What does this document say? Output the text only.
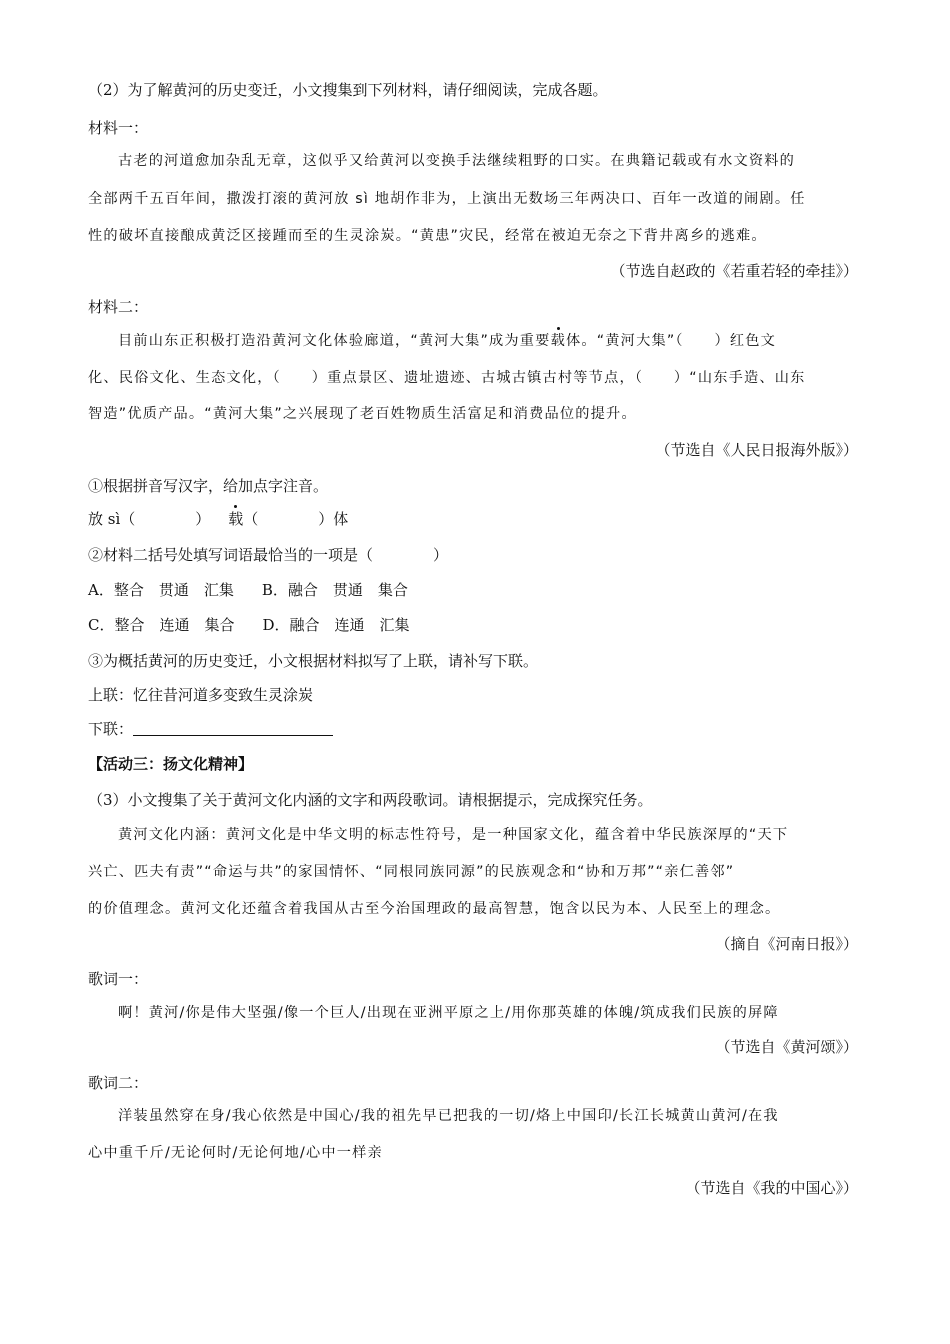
（2）为了解黄河的历史变迁，小文搜集到下列材料，请仔细阅读，完成各题。
材料一：
古老的河道愈加杂乱无章，这似乎又给黄河以变换手法继续粗野的口实。在典籍记载或有水文资料的
全部两千五百年间，撒泼打滚的黄河放 sì 地胡作非为，上演出无数场三年两决口、百年一改道的闹剧。任
性的破坏直接酿成黄泛区接踵而至的生灵涂炭。“黄患”灾民，经常在被迫无奈之下背井离乡的逃难。
（节选自赵政的《若重若轻的牵挂》）
材料二：
目前山东正积极打造沿黄河文化体验廊道，“黄河大集”成为重要载体。“黄河大集”（　　）红色文
化、民俗文化、生态文化，（　　）重点景区、遗址遗迹、古城古镇古村等节点，（　　）“山东手造、山东
智造”优质产品。“黄河大集”之兴展现了老百姓物质生活富足和消费品位的提升。
（节选自《人民日报海外版》）
①根据拼音写汉字，给加点字注音。
放 sì（　　　　） 载（　　　　）体
②材料二括号处填写词语最恰当的一项是（　　　　）
A．整合　贯通　汇集 B．融合　贯通　集合
C．整合　连通　集合 D．融合　连通　汇集
③为概括黄河的历史变迁，小文根据材料拟写了上联，请补写下联。
上联：忆往昔河道多变致生灵涂炭
下联：
【活动三：扬文化精神】
（3）小文搜集了关于黄河文化内涵的文字和两段歌词。请根据提示，完成探究任务。
黄河文化内涵：黄河文化是中华文明的标志性符号，是一种国家文化，蕴含着中华民族深厚的“天下
兴亡、匹夫有责”“命运与共”的家国情怀、“同根同族同源”的民族观念和“协和万邦”“亲仁善邻”
的价值理念。黄河文化还蕴含着我国从古至今治国理政的最高智慧，饱含以民为本、人民至上的理念。
（摘自《河南日报》）
歌词一：
啊！黄河/你是伟大坚强/像一个巨人/出现在亚洲平原之上/用你那英雄的体魄/筑成我们民族的屏障
（节选自《黄河颂》）
歌词二：
洋装虽然穿在身/我心依然是中国心/我的祖先早已把我的一切/烙上中国印/长江长城黄山黄河/在我
心中重千斤/无论何时/无论何地/心中一样亲
（节选自《我的中国心》）
